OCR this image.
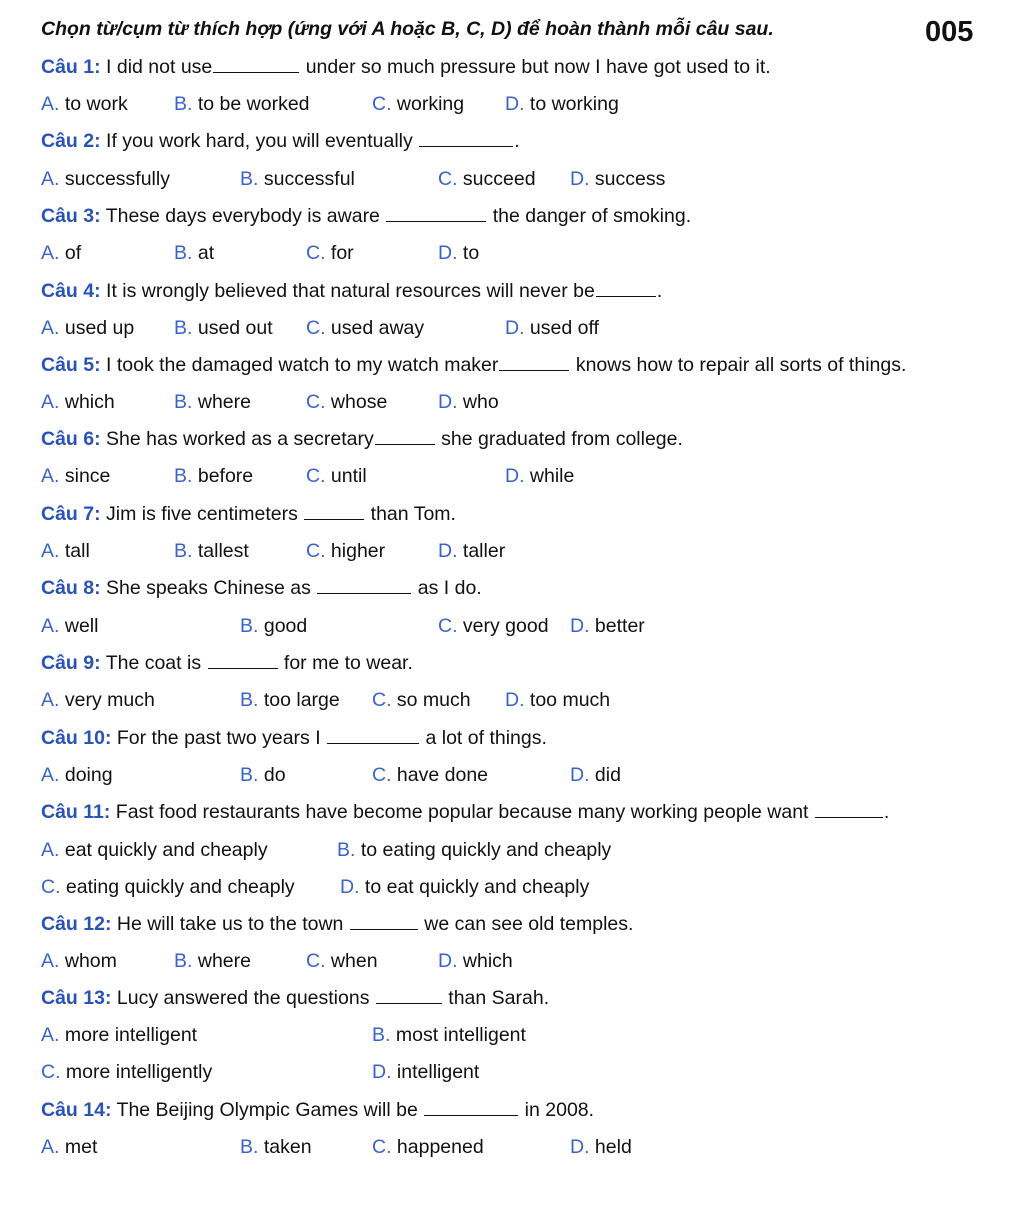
Chọn từ/cụm từ thích hợp (ứng với A hoặc B, C, D) để hoàn thành mỗi câu sau.	005
Câu 1: I did not use	under so much pressure but now I have got used to it.
A. to work B. to be worked	C. working D. to working
Câu 2: If you work hard, you will eventually	.
A. successfully	B. successful	C. succeed D. success
Câu 3: These days everybody is aware	the danger of smoking.
A. of	B. at	C. for	D. to
Câu 4: It is wrongly believed that natural resources will never be	.
A. used up B. used out C. used away	D. used off
Câu 5: I took the damaged watch to my watch maker	knows how to repair all sorts of things.
A. which	B. where	C. whose	D. who
Câu 6: She has worked as a secretary	she graduated from college.
A. since	B. before	C. until	D. while
Câu 7: Jim is five centimeters	than Tom.
A. tall	B. tallest	C. higher	D. taller
Câu 8: She speaks Chinese as	as I do.
A. well	B. good	C. very good D. better
Câu 9: The coat is	for me to wear.
A. very much	B. too large C. so much D. too much
Câu 10: For the past two years I	a lot of things.
A. doing	B. do	C. have done	D. did
Câu 11: Fast food restaurants have become popular because many working people want	.
A. eat quickly and cheaply	B. to eating quickly and cheaply
C. eating quickly and cheaply D. to eat quickly and cheaply
Câu 12: He will take us to the town	we can see old temples.
A. whom	B. where	C. when	D. which
Câu 13: Lucy answered the questions	than Sarah.
A. more intelligent	B. most intelligent
C. more intelligently	D. intelligent
Câu 14: The Beijing Olympic Games will be	in 2008.
A. met	B. taken	C. happened	D. held
